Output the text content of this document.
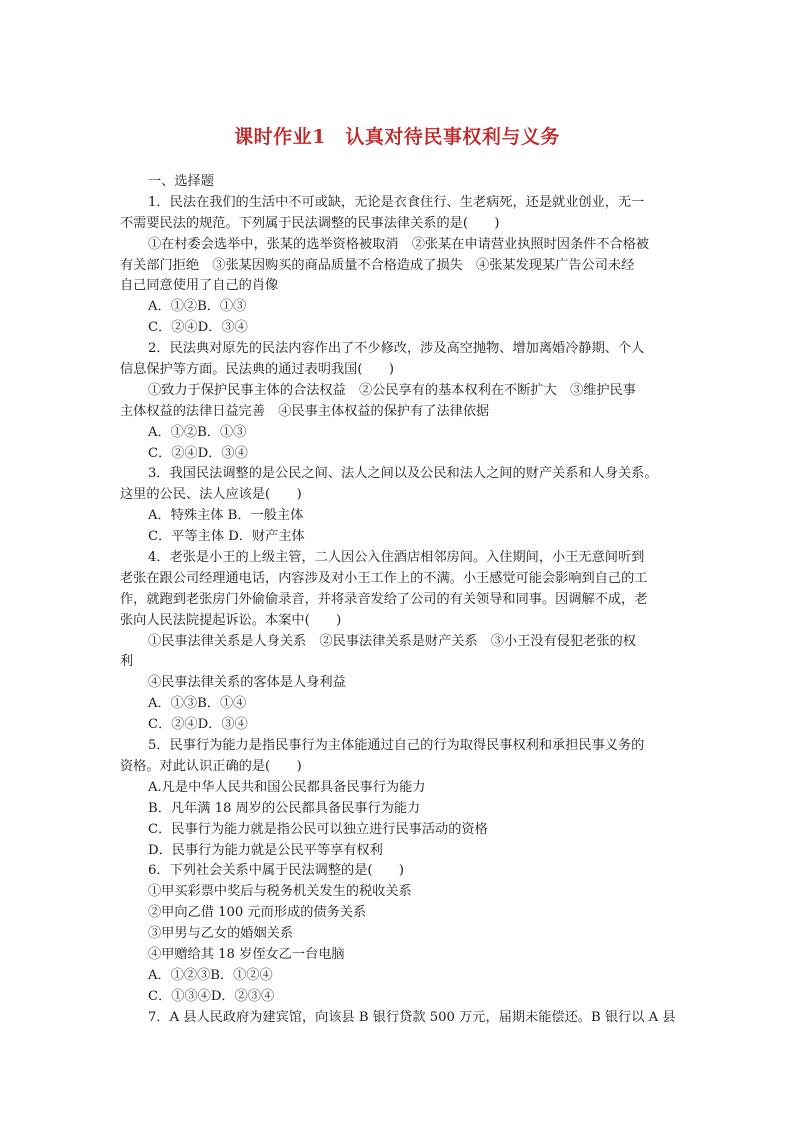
课时作业1　认真对待民事权利与义务
一、选择题
1．民法在我们的生活中不可或缺，无论是衣食住行、生老病死，还是就业创业，无一
不需要民法的规范。下列属于民法调整的民事法律关系的是(　　)
①在村委会选举中，张某的选举资格被取消　②张某在申请营业执照时因条件不合格被
有关部门拒绝　③张某因购买的商品质量不合格造成了损失　④张某发现某广告公司未经
自己同意使用了自己的肖像
A．①②B．①③
C．②④D．③④
2．民法典对原先的民法内容作出了不少修改，涉及高空抛物、增加离婚冷静期、个人
信息保护等方面。民法典的通过表明我国(　　)
①致力于保护民事主体的合法权益　②公民享有的基本权利在不断扩大　③维护民事
主体权益的法律日益完善　④民事主体权益的保护有了法律依据
A．①②B．①③
C．②④D．③④
3．我国民法调整的是公民之间、法人之间以及公民和法人之间的财产关系和人身关系。
这里的公民、法人应该是(　　)
A．特殊主体 B．一般主体
C．平等主体 D．财产主体
4．老张是小王的上级主管，二人因公入住酒店相邻房间。入住期间，小王无意间听到
老张在跟公司经理通电话，内容涉及对小王工作上的不满。小王感觉可能会影响到自己的工
作，就跑到老张房门外偷偷录音，并将录音发给了公司的有关领导和同事。因调解不成，老
张向人民法院提起诉讼。本案中(　　)
①民事法律关系是人身关系　②民事法律关系是财产关系　③小王没有侵犯老张的权
利
④民事法律关系的客体是人身利益
A．①③B．①④
C．②④D．③④
5．民事行为能力是指民事行为主体能通过自己的行为取得民事权利和承担民事义务的
资格。对此认识正确的是(　　)
A.凡是中华人民共和国公民都具备民事行为能力
B．凡年满 18 周岁的公民都具备民事行为能力
C．民事行为能力就是指公民可以独立进行民事活动的资格
D．民事行为能力就是公民平等享有权利
6．下列社会关系中属于民法调整的是(　　)
①甲买彩票中奖后与税务机关发生的税收关系
②甲向乙借 100 元而形成的债务关系
③甲男与乙女的婚姻关系
④甲赠给其 18 岁侄女乙一台电脑
A．①②③B．①②④
C．①③④D．②③④
7．A 县人民政府为建宾馆，向该县 B 银行贷款 500 万元，届期未能偿还。B 银行以 A 县
